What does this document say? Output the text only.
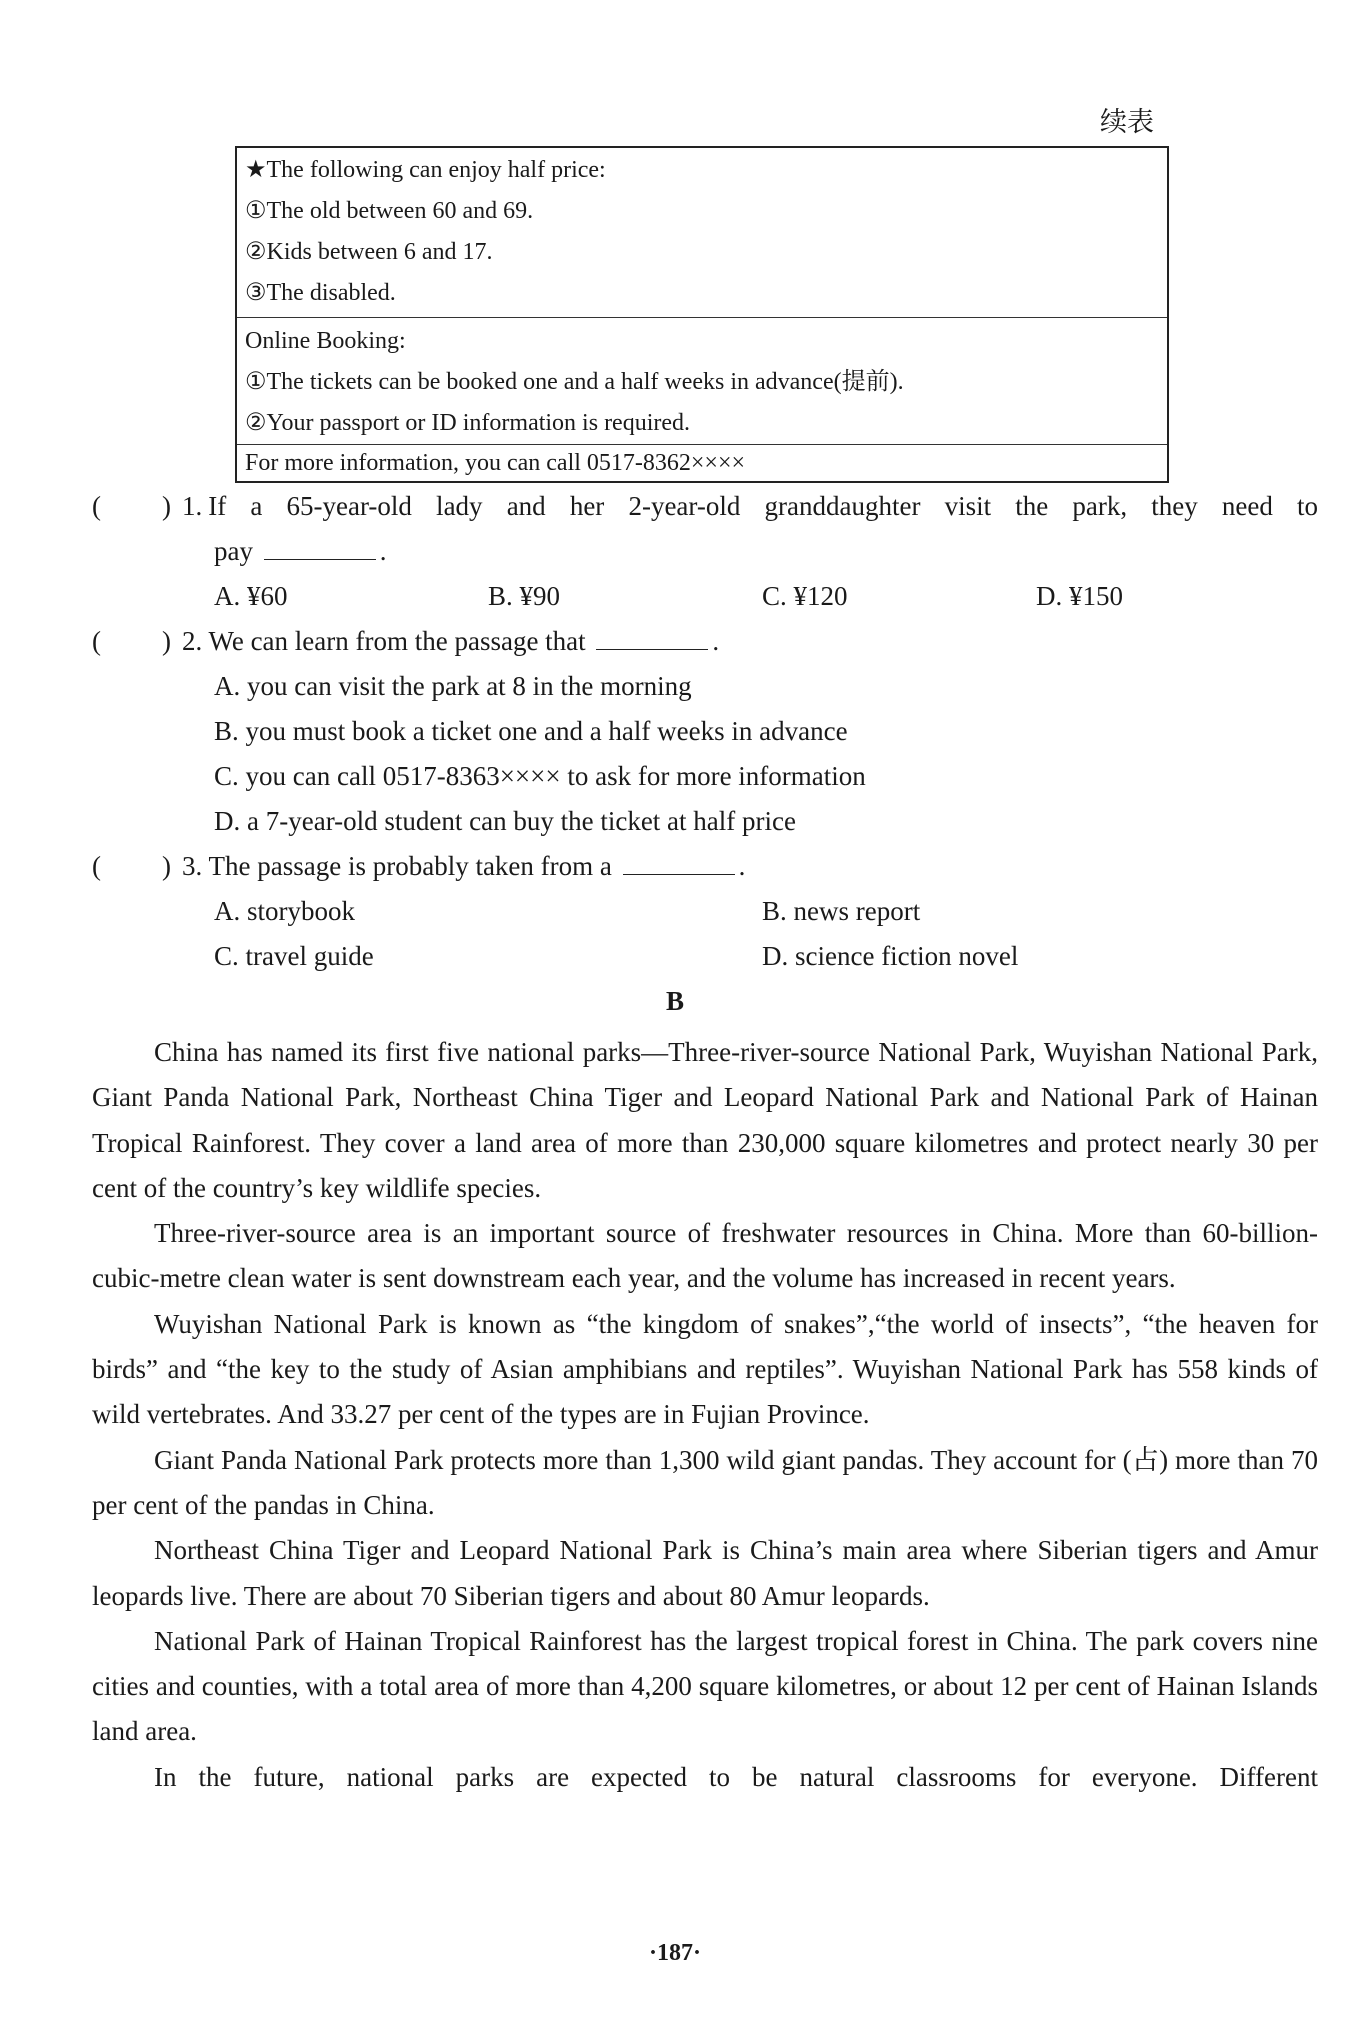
续表
★The following can enjoy half price:
①The old between 60 and 69.
②Kids between 6 and 17.
③The disabled.
Online Booking:
①The tickets can be booked one and a half weeks in advance(提前).
②Your passport or ID information is required.
For more information, you can call 0517-8362××××
( ) 1. If a 65-year-old lady and her 2-year-old granddaughter visit the park, they need to
pay	.
A. ¥60	B. ¥90	C. ¥120	D. ¥150
( ) 2. We can learn from the passage that	.
A. you can visit the park at 8 in the morning
B. you must book a ticket one and a half weeks in advance
C. you can call 0517-8363×××× to ask for more information
D. a 7-year-old student can buy the ticket at half price
( ) 3. The passage is probably taken from a	.
A. storybook	B. news report
C. travel guide	D. science fiction novel
B

China has named its first five national parks—Three-river-source National Park, Wuyishan National Park, Giant Panda National Park, Northeast China Tiger and Leopard National Park and National Park of Hainan Tropical Rainforest. They cover a land area of more than 230,000 square kilometres and protect nearly 30 per cent of the country’s key wildlife species.

Three-river-source area is an important source of freshwater resources in China. More than 60-billion-cubic-metre clean water is sent downstream each year, and the volume has increased in recent years.

Wuyishan National Park is known as “the kingdom of snakes”,“the world of insects”, “the heaven for birds” and “the key to the study of Asian amphibians and reptiles”. Wuyishan National Park has 558 kinds of wild vertebrates. And 33.27 per cent of the types are in Fujian Province.

Giant Panda National Park protects more than 1,300 wild giant pandas. They account for (占) more than 70 per cent of the pandas in China.

Northeast China Tiger and Leopard National Park is China’s main area where Siberian tigers and Amur leopards live. There are about 70 Siberian tigers and about 80 Amur leopards.

National Park of Hainan Tropical Rainforest has the largest tropical forest in China. The park covers nine cities and counties, with a total area of more than 4,200 square kilometres, or about 12 per cent of Hainan Islands land area.

In the future, national parks are expected to be natural classrooms for everyone. Different

·187·
